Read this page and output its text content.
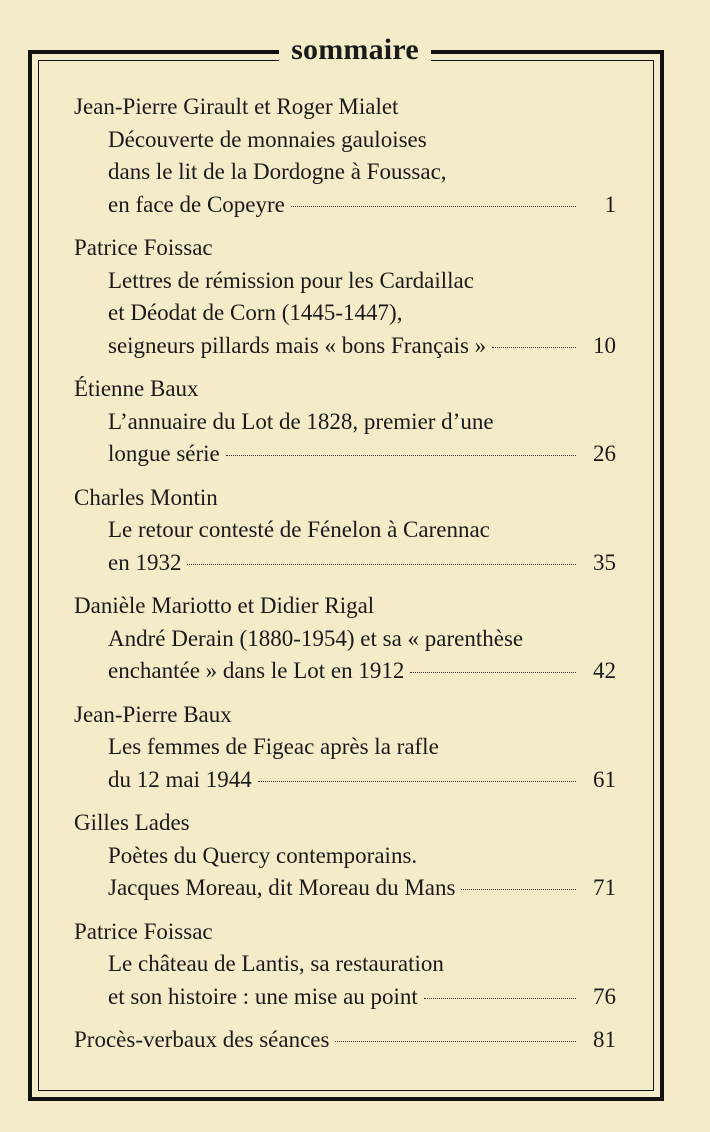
sommaire
Jean-Pierre Girault et Roger Mialet
Découverte de monnaies gauloises
dans le lit de la Dordogne à Foussac,
en face de Copeyre	1
Patrice Foissac
Lettres de rémission pour les Cardaillac
et Déodat de Corn (1445-1447),
seigneurs pillards mais « bons Français »	10
Étienne Baux
L’annuaire du Lot de 1828, premier d’une
longue série	26
Charles Montin
Le retour contesté de Fénelon à Carennac
en 1932	35
Danièle Mariotto et Didier Rigal
André Derain (1880-1954) et sa « parenthèse
enchantée » dans le Lot en 1912	42
Jean-Pierre Baux
Les femmes de Figeac après la rafle
du 12 mai 1944	61
Gilles Lades
Poètes du Quercy contemporains.
Jacques Moreau, dit Moreau du Mans	71
Patrice Foissac
Le château de Lantis, sa restauration
et son histoire : une mise au point	76
Procès-verbaux des séances	81
